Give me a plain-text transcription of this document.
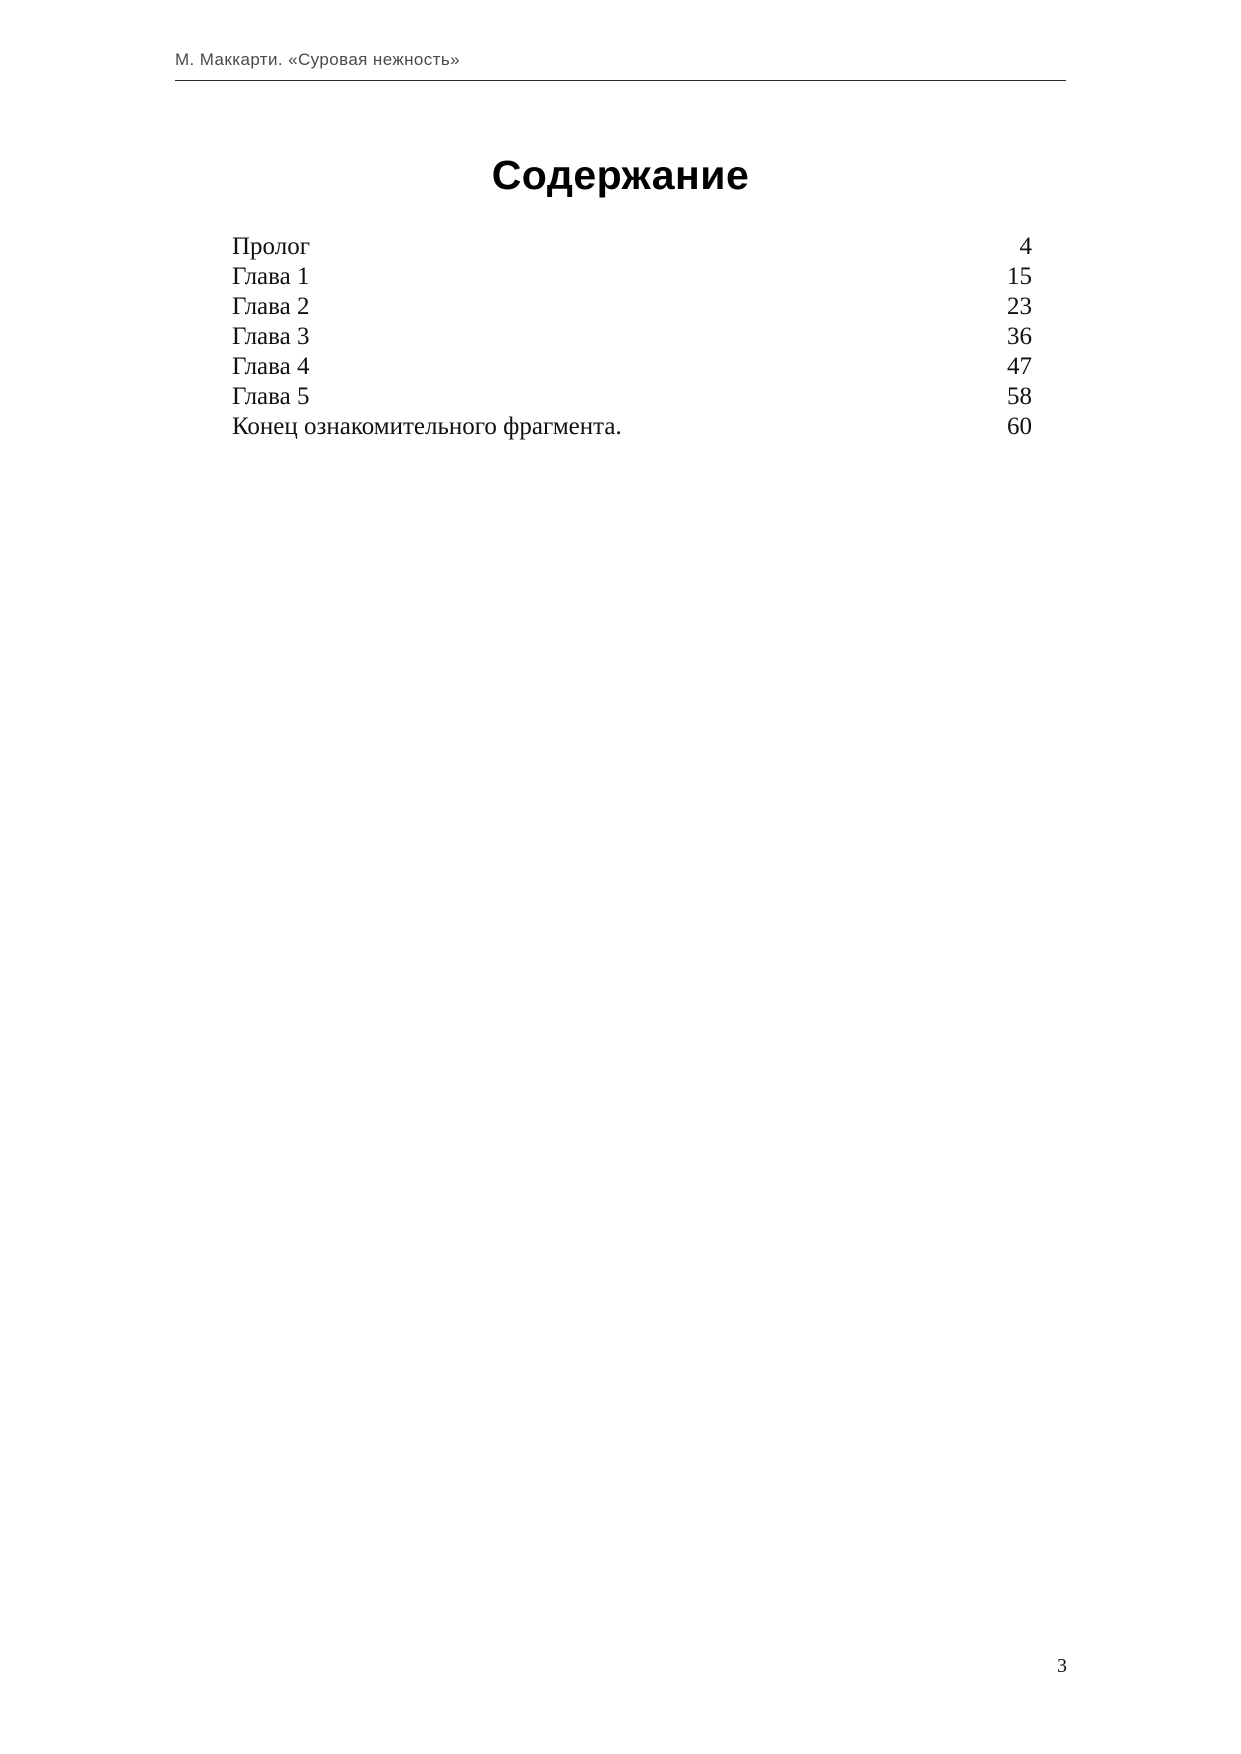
М. Маккарти. «Суровая нежность»
Содержание
Пролог	4
Глава 1	15
Глава 2	23
Глава 3	36
Глава 4	47
Глава 5	58
Конец ознакомительного фрагмента.	60
3
